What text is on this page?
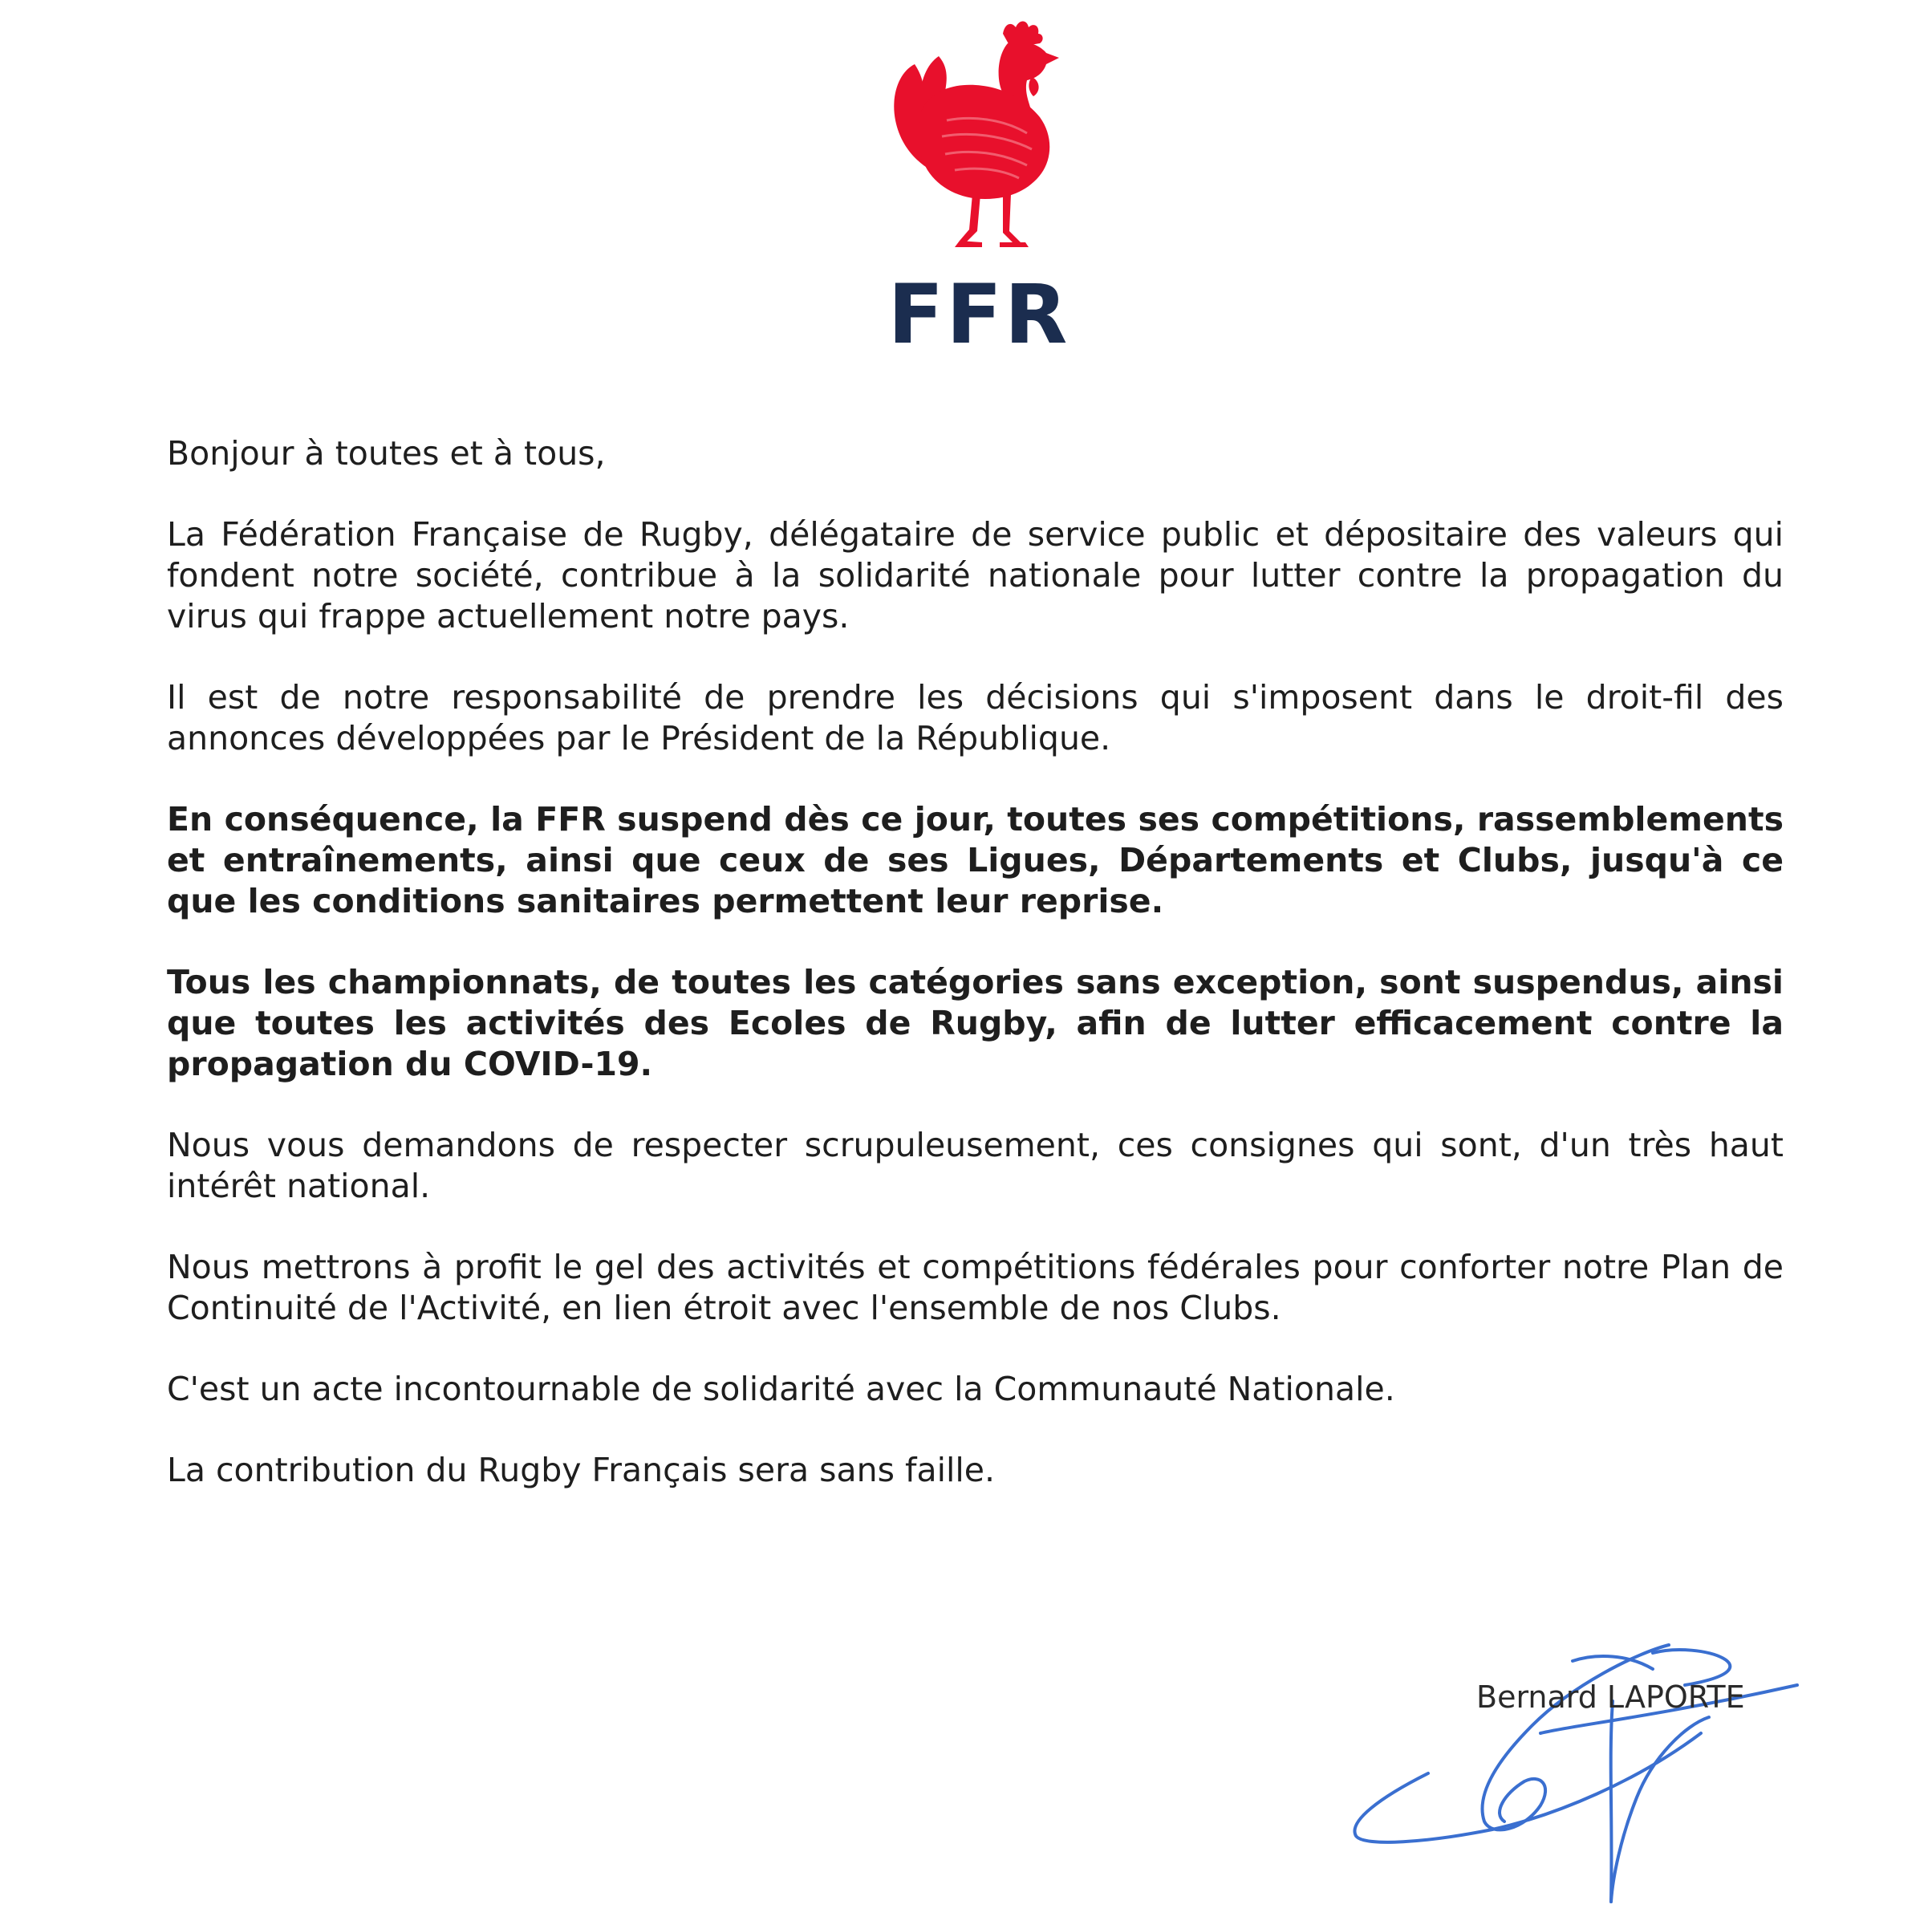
FFR

Bonjour à toutes et à tous,

La Fédération Française de Rugby, délégataire de service public et dépositaire des valeurs qui fondent notre société, contribue à la solidarité nationale pour lutter contre la propagation du virus qui frappe actuellement notre pays.

Il est de notre responsabilité de prendre les décisions qui s'imposent dans le droit-fil des annonces développées par le Président de la République.

En conséquence, la FFR suspend dès ce jour, toutes ses compétitions, rassemblements et entraînements, ainsi que ceux de ses Ligues, Départements et Clubs, jusqu'à ce que les conditions sanitaires permettent leur reprise.

Tous les championnats, de toutes les catégories sans exception, sont suspendus, ainsi que toutes les activités des Ecoles de Rugby, afin de lutter efficacement contre la propagation du COVID-19.

Nous vous demandons de respecter scrupuleusement, ces consignes qui sont, d'un très haut intérêt national.

Nous mettrons à profit le gel des activités et compétitions fédérales pour conforter notre Plan de Continuité de l'Activité, en lien étroit avec l'ensemble de nos Clubs.

C'est un acte incontournable de solidarité avec la Communauté Nationale.

La contribution du Rugby Français sera sans faille.

Bernard LAPORTE
